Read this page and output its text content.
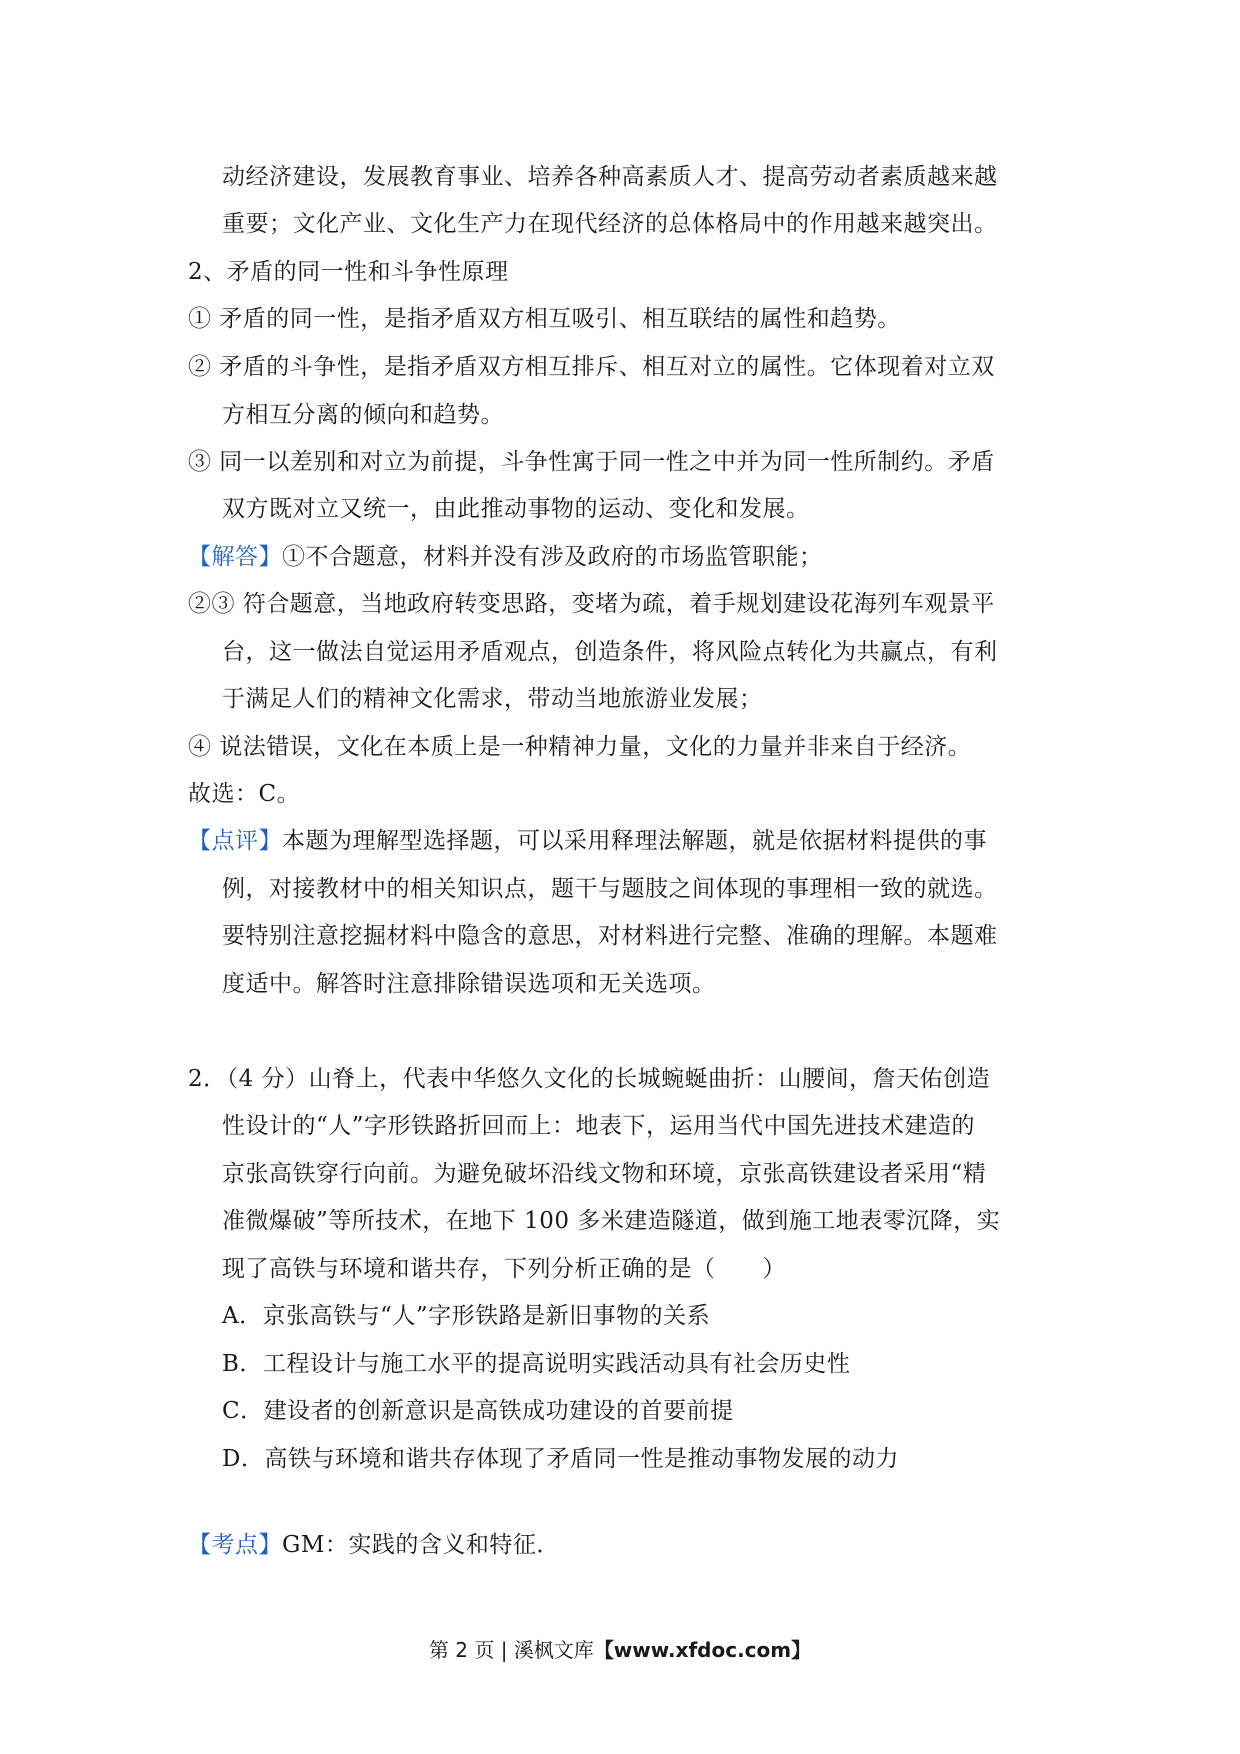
动经济建设，发展教育事业、培养各种高素质人才、提高劳动者素质越来越
重要；文化产业、文化生产力在现代经济的总体格局中的作用越来越突出。
2、矛盾的同一性和斗争性原理
① 矛盾的同一性，是指矛盾双方相互吸引、相互联结的属性和趋势。
② 矛盾的斗争性，是指矛盾双方相互排斥、相互对立的属性。它体现着对立双
方相互分离的倾向和趋势。
③ 同一以差别和对立为前提，斗争性寓于同一性之中并为同一性所制约。矛盾
双方既对立又统一，由此推动事物的运动、变化和发展。
【解答】①不合题意，材料并没有涉及政府的市场监管职能；
②③ 符合题意，当地政府转变思路，变堵为疏，着手规划建设花海列车观景平
台，这一做法自觉运用矛盾观点，创造条件，将风险点转化为共赢点，有利
于满足人们的精神文化需求，带动当地旅游业发展；
④ 说法错误，文化在本质上是一种精神力量，文化的力量并非来自于经济。
故选：C。
【点评】本题为理解型选择题，可以采用释理法解题，就是依据材料提供的事
例，对接教材中的相关知识点，题干与题肢之间体现的事理相一致的就选。
要特别注意挖掘材料中隐含的意思，对材料进行完整、准确的理解。本题难
度适中。解答时注意排除错误选项和无关选项。
2．（4 分）山脊上，代表中华悠久文化的长城蜿蜒曲折：山腰间，詹天佑创造
性设计的“人”字形铁路折回而上：地表下，运用当代中国先进技术建造的
京张高铁穿行向前。为避免破坏沿线文物和环境，京张高铁建设者采用“精
准微爆破”等所技术，在地下 100 多米建造隧道，做到施工地表零沉降，实
现了高铁与环境和谐共存，下列分析正确的是（　　）
A．京张高铁与“人”字形铁路是新旧事物的关系
B．工程设计与施工水平的提高说明实践活动具有社会历史性
C．建设者的创新意识是高铁成功建设的首要前提
D．高铁与环境和谐共存体现了矛盾同一性是推动事物发展的动力
【考点】GM：实践的含义和特征．
第 2 页 | 溪枫文库【www.xfdoc.com】
